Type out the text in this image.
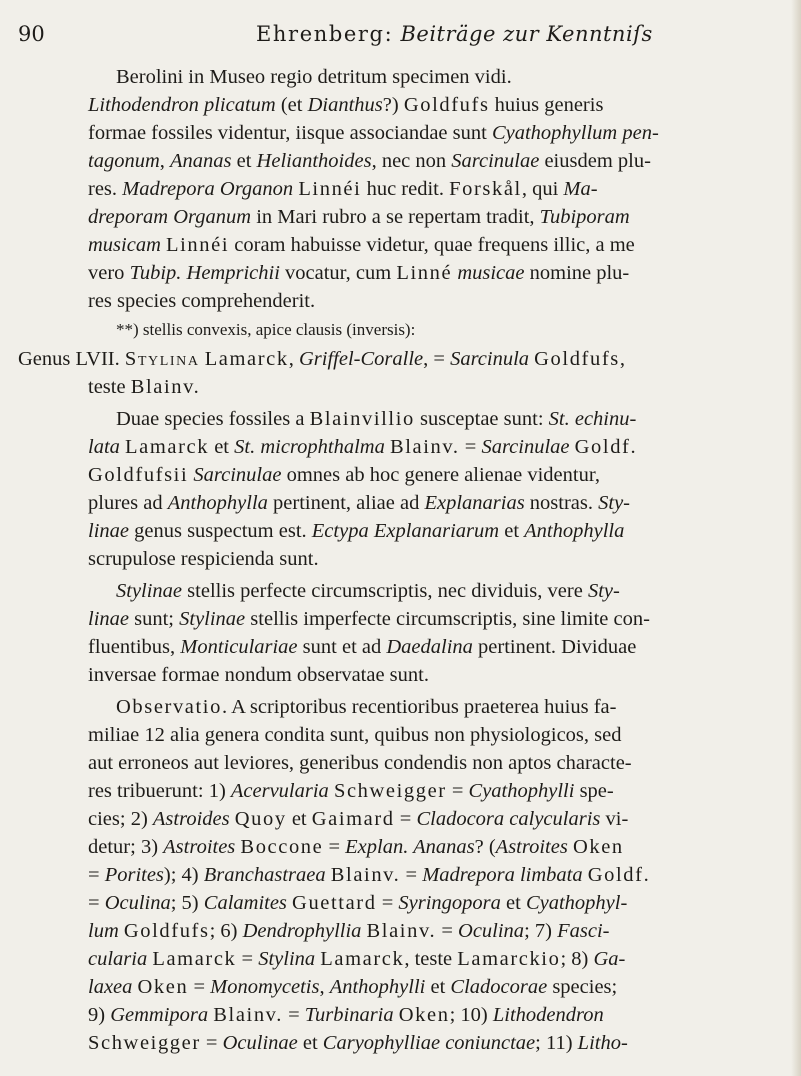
90	Ehrenberg: Beiträge zur Kenntniſs
Berolini in Museo regio detritum specimen vidi.
Lithodendron plicatum (et Dianthus?) Goldfufs huius generis
formae fossiles videntur, iisque associandae sunt Cyathophyllum pen-
tagonum, Ananas et Helianthoides, nec non Sarcinulae eiusdem plu-
res. Madrepora Organon Linnéi huc redit. Forskål, qui Ma-
dreporam Organum in Mari rubro a se repertam tradit, Tubiporam
musicam Linnéi coram habuisse videtur, quae frequens illic, a me
vero Tubip. Hemprichii vocatur, cum Linné musicae nomine plu-
res species comprehenderit.
**) stellis convexis, apice clausis (inversis):
Genus LVII. Stylina Lamarck, Griffel-Coralle, = Sarcinula Goldfufs,
teste Blainv.
Duae species fossiles a Blainvillio susceptae sunt: St. echinu-
lata Lamarck et St. microphthalma Blainv. = Sarcinulae Goldf.
Goldfufsii Sarcinulae omnes ab hoc genere alienae videntur,
plures ad Anthophylla pertinent, aliae ad Explanarias nostras. Sty-
linae genus suspectum est. Ectypa Explanariarum et Anthophylla
scrupulose respicienda sunt.
Stylinae stellis perfecte circumscriptis, nec dividuis, vere Sty-
linae sunt; Stylinae stellis imperfecte circumscriptis, sine limite con-
fluentibus, Monticulariae sunt et ad Daedalina pertinent. Dividuae
inversae formae nondum observatae sunt.
Observatio. A scriptoribus recentioribus praeterea huius fa-
miliae 12 alia genera condita sunt, quibus non physiologicos, sed
aut erroneos aut leviores, generibus condendis non aptos characte-
res tribuerunt: 1) Acervularia Schweigger = Cyathophylli spe-
cies; 2) Astroides Quoy et Gaimard = Cladocora calycularis vi-
detur; 3) Astroites Boccone = Explan. Ananas? (Astroites Oken
= Porites); 4) Branchastraea Blainv. = Madrepora limbata Goldf.
= Oculina; 5) Calamites Guettard = Syringopora et Cyathophyl-
lum Goldfufs; 6) Dendrophyllia Blainv. = Oculina; 7) Fasci-
cularia Lamarck = Stylina Lamarck, teste Lamarckio; 8) Ga-
laxea Oken = Monomycetis, Anthophylli et Cladocorae species;
9) Gemmipora Blainv. = Turbinaria Oken; 10) Lithodendron
Schweigger = Oculinae et Caryophylliae coniunctae; 11) Litho-
